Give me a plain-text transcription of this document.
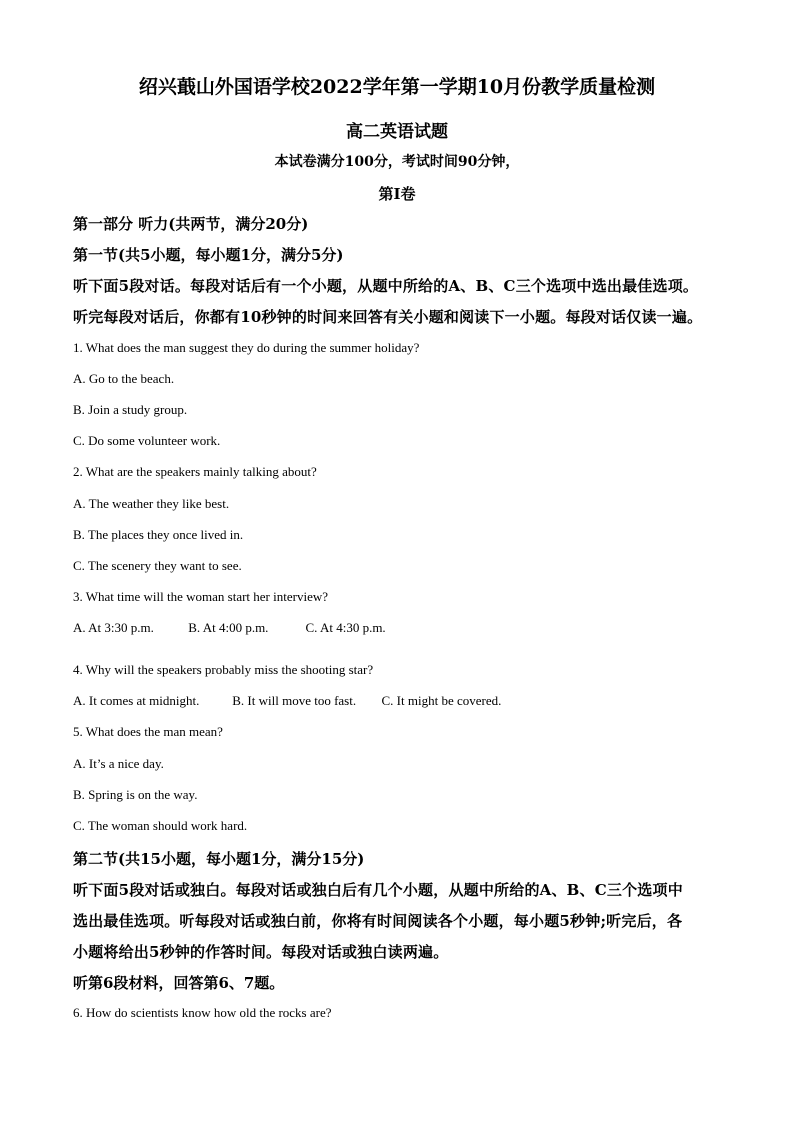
绍兴蕺山外国语学校2022学年第一学期10月份教学质量检测
高二英语试题
本试卷满分100分，考试时间90分钟，
第I卷
第一部分 听力(共两节，满分20分)
第一节(共5小题，每小题1分，满分5分)
听下面5段对话。每段对话后有一个小题，从题中所给的A、B、C三个选项中选出最佳选项。
听完每段对话后，你都有10秒钟的时间来回答有关小题和阅读下一小题。每段对话仅读一遍。
1. What does the man suggest they do during the summer holiday?
A. Go to the beach.
B. Join a study group.
C. Do some volunteer work.
2. What are the speakers mainly talking about?
A. The weather they like best.
B. The places they once lived in.
C. The scenery they want to see.
3. What time will the woman start her interview?
A. At 3:30 p.m.	B. At 4:00 p.m.	C. At 4:30 p.m.
4. Why will the speakers probably miss the shooting star?
A. It comes at midnight.	B. It will move too fast. C. It might be covered.
5. What does the man mean?
A. It’s a nice day.
B. Spring is on the way.
C. The woman should work hard.
第二节(共15小题，每小题1分，满分15分)
听下面5段对话或独白。每段对话或独白后有几个小题，从题中所给的A、B、C三个选项中
选出最佳选项。听每段对话或独白前，你将有时间阅读各个小题，每小题5秒钟;听完后，各
小题将给出5秒钟的作答时间。每段对话或独白读两遍。
听第6段材料，回答第6、7题。
6. How do scientists know how old the rocks are?
